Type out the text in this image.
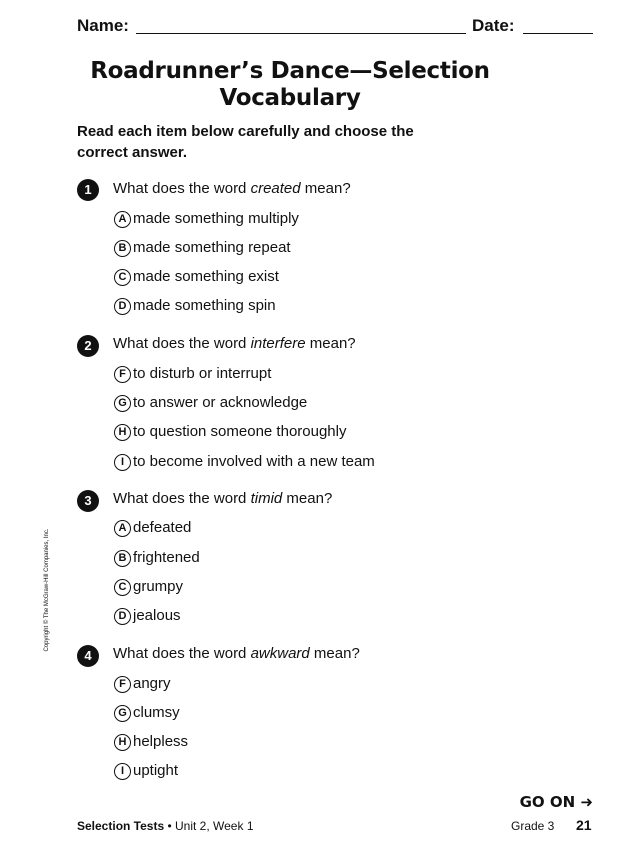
Name:	Date:
Roadrunner’s Dance—Selection Vocabulary
Read each item below carefully and choose the correct answer.
1	What does the word created mean?
A made something multiply
B made something repeat
C made something exist
D made something spin
2	What does the word interfere mean?
F to disturb or interrupt
G to answer or acknowledge
H to question someone thoroughly
I to become involved with a new team
3	What does the word timid mean?
A defeated
B frightened
C grumpy
D jealous
4	What does the word awkward mean?
F angry
G clumsy
H helpless
I uptight
Copyright © The McGraw-Hill Companies, Inc.
GO ON ➜
Selection Tests • Unit 2, Week 1	Grade 3 21
